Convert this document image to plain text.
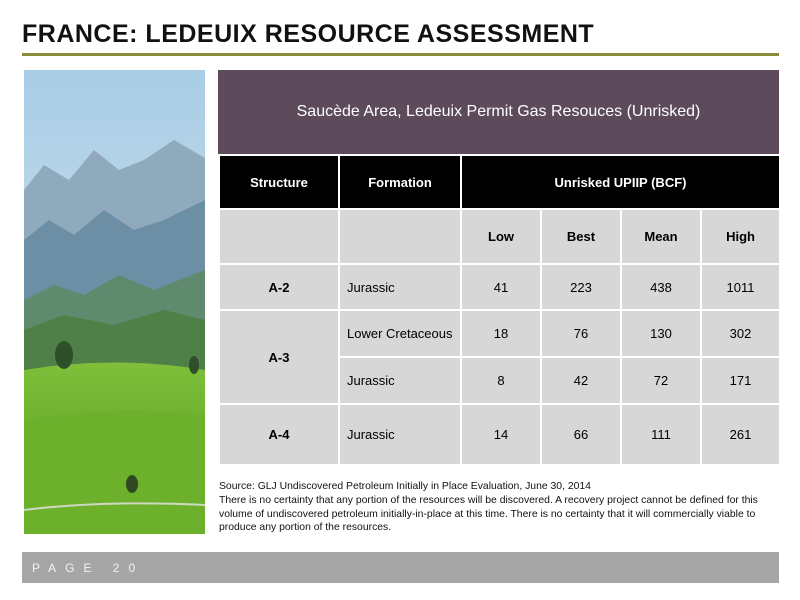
FRANCE: LEDEUIX RESOURCE ASSESSMENT
Saucède Area, Ledeuix Permit Gas Resouces (Unrisked)
Structure	Formation	Unrisked UPIIP (BCF)			
		Low	Best	Mean	High
A-2	Jurassic	41	223	438	1011
A-3	Lower Cretaceous	18	76	130	302
	Jurassic	8	42	72	171
A-4	Jurassic	14	66	111	261
Source: GLJ Undiscovered Petroleum Initially in Place Evaluation, June 30, 2014
There is no certainty that any portion of the resources will be discovered. A recovery project cannot be defined for this volume of undiscovered petroleum initially-in-place at this time. There is no certainty that it will commercially viable to produce any portion of the resources.
PAGE 20
